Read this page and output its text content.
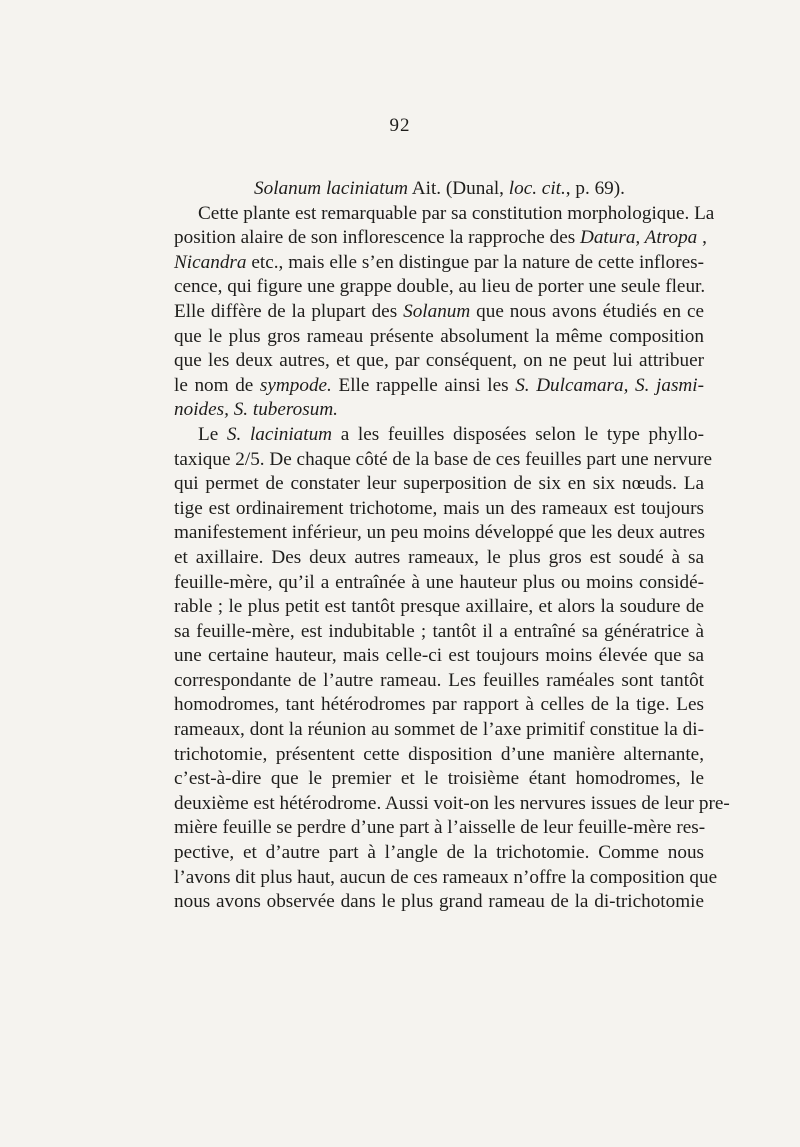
92
Solanum laciniatum Ait. (Dunal, loc. cit., p. 69).
Cette plante est remarquable par sa constitution morphologique. La
position alaire de son inflorescence la rapproche des Datura, Atropa ,
Nicandra etc., mais elle s’en distingue par la nature de cette inflores-
cence, qui figure une grappe double, au lieu de porter une seule fleur.
Elle diffère de la plupart des Solanum que nous avons étudiés en ce
que le plus gros rameau présente absolument la même composition
que les deux autres, et que, par conséquent, on ne peut lui attribuer
le nom de sympode. Elle rappelle ainsi les S. Dulcamara, S. jasmi-
noides, S. tuberosum.
Le S. laciniatum a les feuilles disposées selon le type phyllo-
taxique 2/5. De chaque côté de la base de ces feuilles part une nervure
qui permet de constater leur superposition de six en six nœuds. La
tige est ordinairement trichotome, mais un des rameaux est toujours
manifestement inférieur, un peu moins développé que les deux autres
et axillaire. Des deux autres rameaux, le plus gros est soudé à sa
feuille-mère, qu’il a entraînée à une hauteur plus ou moins considé-
rable ; le plus petit est tantôt presque axillaire, et alors la soudure de
sa feuille-mère, est indubitable ; tantôt il a entraîné sa génératrice à
une certaine hauteur, mais celle-ci est toujours moins élevée que sa
correspondante de l’autre rameau. Les feuilles raméales sont tantôt
homodromes, tant hétérodromes par rapport à celles de la tige. Les
rameaux, dont la réunion au sommet de l’axe primitif constitue la di-
trichotomie, présentent cette disposition d’une manière alternante,
c’est-à-dire que le premier et le troisième étant homodromes, le
deuxième est hétérodrome. Aussi voit-on les nervures issues de leur pre-
mière feuille se perdre d’une part à l’aisselle de leur feuille-mère res-
pective, et d’autre part à l’angle de la trichotomie. Comme nous
l’avons dit plus haut, aucun de ces rameaux n’offre la composition que
nous avons observée dans le plus grand rameau de la di-trichotomie
